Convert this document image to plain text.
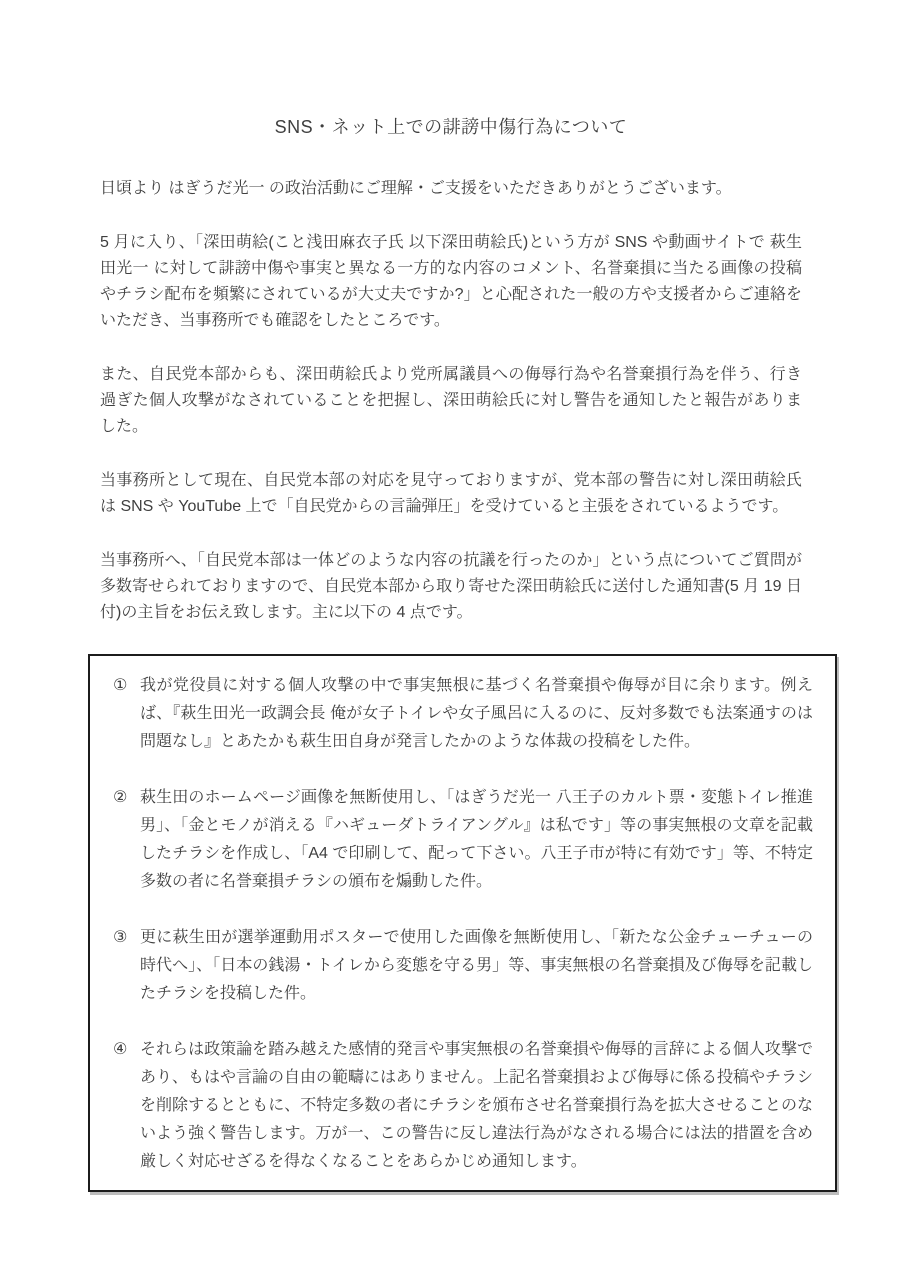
SNS・ネット上での誹謗中傷行為について

日頃より はぎうだ光一 の政治活動にご理解・ご支援をいただきありがとうございます。

5 月に入り、「深田萌絵(こと浅田麻衣子氏 以下深田萌絵氏)という方が SNS や動画サイトで 萩生田光一 に対して誹謗中傷や事実と異なる一方的な内容のコメント、名誉棄損に当たる画像の投稿やチラシ配布を頻繁にされているが大丈夫ですか?」と心配された一般の方や支援者からご連絡をいただき、当事務所でも確認をしたところです。

また、自民党本部からも、深田萌絵氏より党所属議員への侮辱行為や名誉棄損行為を伴う、行き過ぎた個人攻撃がなされていることを把握し、深田萌絵氏に対し警告を通知したと報告がありました。

当事務所として現在、自民党本部の対応を見守っておりますが、党本部の警告に対し深田萌絵氏は SNS や YouTube 上で「自民党からの言論弾圧」を受けていると主張をされているようです。

当事務所へ、「自民党本部は一体どのような内容の抗議を行ったのか」という点についてご質問が多数寄せられておりますので、自民党本部から取り寄せた深田萌絵氏に送付した通知書(5 月 19 日付)の主旨をお伝え致します。主に以下の 4 点です。

① 我が党役員に対する個人攻撃の中で事実無根に基づく名誉棄損や侮辱が目に余ります。例えば、『萩生田光一政調会長 俺が女子トイレや女子風呂に入るのに、反対多数でも法案通すのは問題なし』とあたかも萩生田自身が発言したかのような体裁の投稿をした件。
② 萩生田のホームページ画像を無断使用し、「はぎうだ光一 八王子のカルト票・変態トイレ推進男」、「金とモノが消える『ハギューダトライアングル』は私です」等の事実無根の文章を記載したチラシを作成し、「A4 で印刷して、配って下さい。八王子市が特に有効です」等、不特定多数の者に名誉棄損チラシの頒布を煽動した件。
③ 更に萩生田が選挙運動用ポスターで使用した画像を無断使用し、「新たな公金チューチューの時代へ」、「日本の銭湯・トイレから変態を守る男」等、事実無根の名誉棄損及び侮辱を記載したチラシを投稿した件。
④ それらは政策論を踏み越えた感情的発言や事実無根の名誉棄損や侮辱的言辞による個人攻撃であり、もはや言論の自由の範疇にはありません。上記名誉棄損および侮辱に係る投稿やチラシを削除するとともに、不特定多数の者にチラシを頒布させ名誉棄損行為を拡大させることのないよう強く警告します。万が一、この警告に反し違法行為がなされる場合には法的措置を含め厳しく対応せざるを得なくなることをあらかじめ通知します。
